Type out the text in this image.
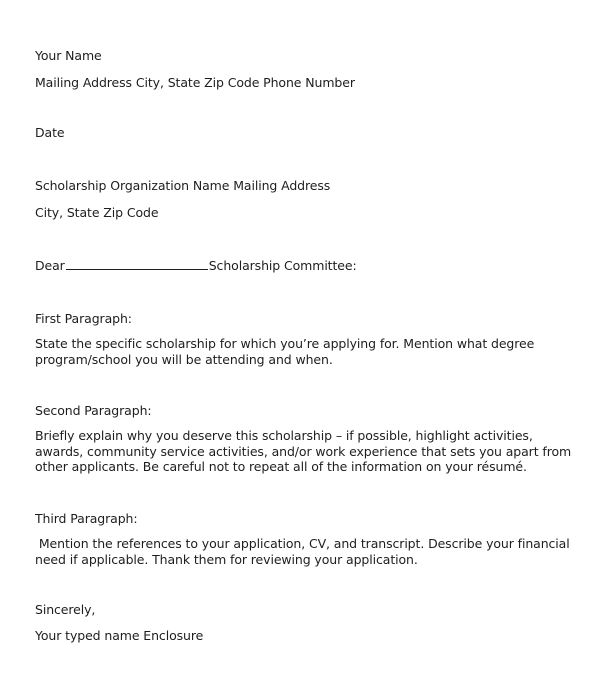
Your Name
Mailing Address City, State Zip Code Phone Number
Date
Scholarship Organization Name Mailing Address
City, State Zip Code
Dear	Scholarship Committee:
First Paragraph:
State the specific scholarship for which you’re applying for. Mention what degree program/school you will be attending and when.
Second Paragraph:
Briefly explain why you deserve this scholarship – if possible, highlight activities, awards, community service activities, and/or work experience that sets you apart from other applicants. Be careful not to repeat all of the information on your résumé.
Third Paragraph:
Mention the references to your application, CV, and transcript. Describe your financial need if applicable. Thank them for reviewing your application.
Sincerely,
Your typed name Enclosure
